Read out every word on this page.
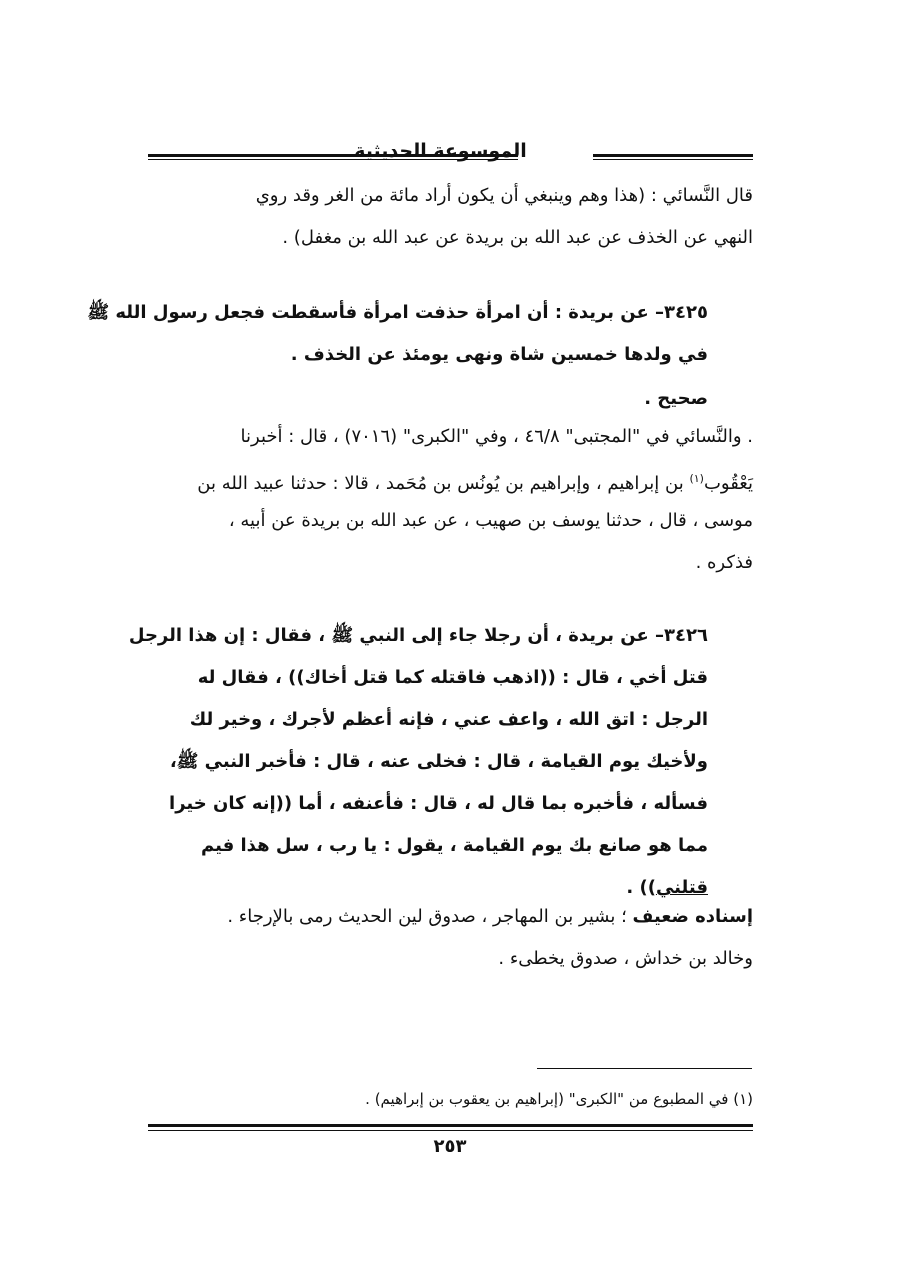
الموسوعة الحديثية
قال النَّسائي : (هذا وهم وينبغي أن يكون أراد مائة من الغر وقد روي
النهي عن الخذف عن عبد الله بن بريدة عن عبد الله بن مغفل) .
٣٤٢٥– عن بريدة : أن امرأة حذفت امرأة فأسقطت فجعل رسول الله ﷺ
في ولدها خمسين شاة ونهى يومئذ عن الخذف .
صحيح .
. والنَّسائي في "المجتبى" ٤٦/٨ ، وفي "الكبرى" (٧٠١٦) ، قال : أخبرنا
يَعْقُوب$^{(١)}$ بن إبراهيم ، وإبراهيم بن يُونُس بن مُحَمد ، قالا : حدثنا عبيد الله بن
موسى ، قال ، حدثنا يوسف بن صهيب ، عن عبد الله بن بريدة عن أبيه ،
فذكره .
٣٤٢٦– عن بريدة ، أن رجلا جاء إلى النبي ﷺ ، فقال : إن هذا الرجل
قتل أخي ، قال : ((اذهب فاقتله كما قتل أخاك)) ، فقال له
الرجل : اتق الله ، واعف عني ، فإنه أعظم لأجرك ، وخير لك
ولأخيك يوم القيامة ، قال : فخلى عنه ، قال : فأخبر النبي ﷺ،
فسأله ، فأخبره بما قال له ، قال : فأعنفه ، أما ((إنه كان خيرا
مما هو صانع بك يوم القيامة ، يقول : يا رب ، سل هذا فيم
قتلني)) .
إسناده ضعيف ؛ بشير بن المهاجر ، صدوق لين الحديث رمى بالإرجاء .
وخالد بن خداش ، صدوق يخطىء .
(١) في المطبوع من "الكبرى" (إبراهيم بن يعقوب بن إبراهيم) .
٢٥٣
